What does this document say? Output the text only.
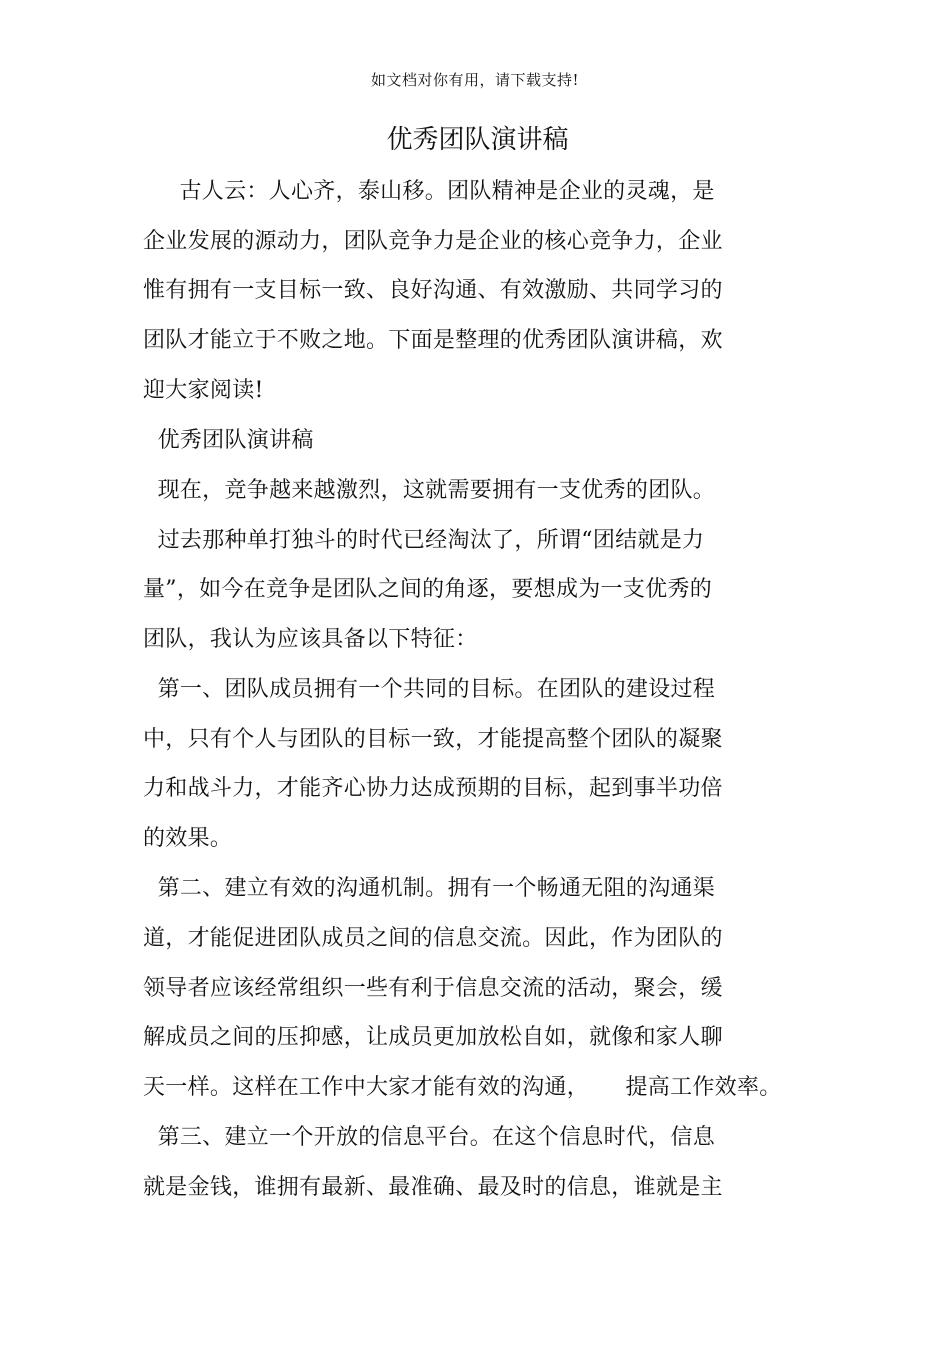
如文档对你有用，请下载支持!
优秀团队演讲稿
古人云：人心齐，泰山移。团队精神是企业的灵魂，是
企业发展的源动力，团队竞争力是企业的核心竞争力，企业
惟有拥有一支目标一致、良好沟通、有效激励、共同学习的
团队才能立于不败之地。下面是整理的优秀团队演讲稿，欢
迎大家阅读!
优秀团队演讲稿
现在，竞争越来越激烈，这就需要拥有一支优秀的团队。
过去那种单打独斗的时代已经淘汰了，所谓“团结就是力
量”，如今在竞争是团队之间的角逐，要想成为一支优秀的
团队，我认为应该具备以下特征：
第一、团队成员拥有一个共同的目标。在团队的建设过程
中，只有个人与团队的目标一致，才能提高整个团队的凝聚
力和战斗力，才能齐心协力达成预期的目标，起到事半功倍
的效果。
第二、建立有效的沟通机制。拥有一个畅通无阻的沟通渠
道，才能促进团队成员之间的信息交流。因此，作为团队的
领导者应该经常组织一些有利于信息交流的活动，聚会，缓
解成员之间的压抑感，让成员更加放松自如，就像和家人聊
天一样。这样在工作中大家才能有效的沟通，     提高工作效率。
第三、建立一个开放的信息平台。在这个信息时代，信息
就是金钱，谁拥有最新、最准确、最及时的信息，谁就是主
